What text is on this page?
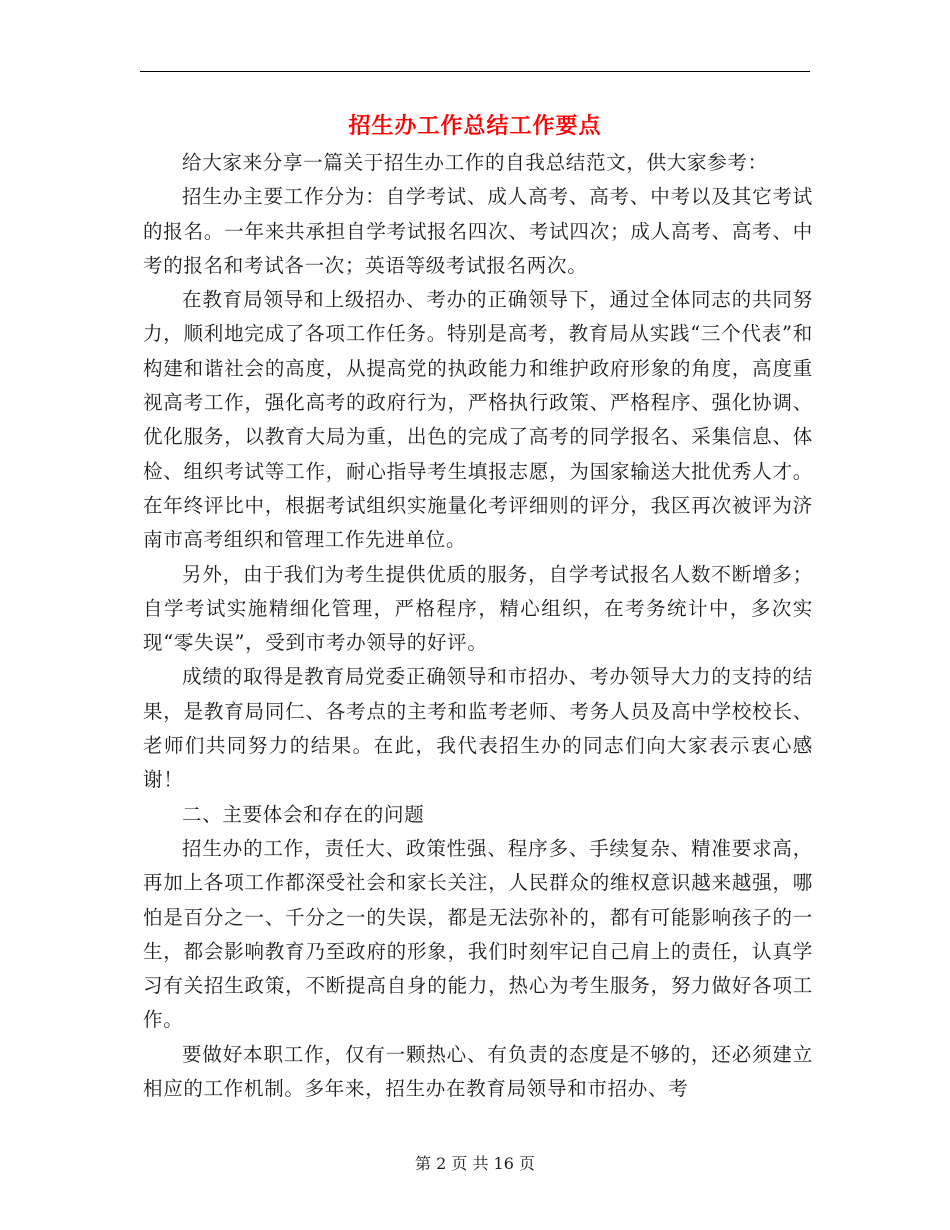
招生办工作总结工作要点

给大家来分享一篇关于招生办工作的自我总结范文，供大家参考：

招生办主要工作分为：自学考试、成人高考、高考、中考以及其它考试的报名。一年来共承担自学考试报名四次、考试四次；成人高考、高考、中考的报名和考试各一次；英语等级考试报名两次。

在教育局领导和上级招办、考办的正确领导下，通过全体同志的共同努力，顺利地完成了各项工作任务。特别是高考，教育局从实践“三个代表”和构建和谐社会的高度，从提高党的执政能力和维护政府形象的角度，高度重视高考工作，强化高考的政府行为，严格执行政策、严格程序、强化协调、优化服务，以教育大局为重，出色的完成了高考的同学报名、采集信息、体检、组织考试等工作，耐心指导考生填报志愿，为国家输送大批优秀人才。在年终评比中，根据考试组织实施量化考评细则的评分，我区再次被评为济南市高考组织和管理工作先进单位。

另外，由于我们为考生提供优质的服务，自学考试报名人数不断增多；自学考试实施精细化管理，严格程序，精心组织，在考务统计中，多次实现“零失误”，受到市考办领导的好评。

成绩的取得是教育局党委正确领导和市招办、考办领导大力的支持的结果，是教育局同仁、各考点的主考和监考老师、考务人员及高中学校校长、老师们共同努力的结果。在此，我代表招生办的同志们向大家表示衷心感谢！

二、主要体会和存在的问题

招生办的工作，责任大、政策性强、程序多、手续复杂、精准要求高，再加上各项工作都深受社会和家长关注，人民群众的维权意识越来越强，哪怕是百分之一、千分之一的失误，都是无法弥补的，都有可能影响孩子的一生，都会影响教育乃至政府的形象，我们时刻牢记自己肩上的责任，认真学习有关招生政策，不断提高自身的能力，热心为考生服务，努力做好各项工作。

要做好本职工作，仅有一颗热心、有负责的态度是不够的，还必须建立相应的工作机制。多年来，招生办在教育局领导和市招办、考

第 2 页 共 16 页
